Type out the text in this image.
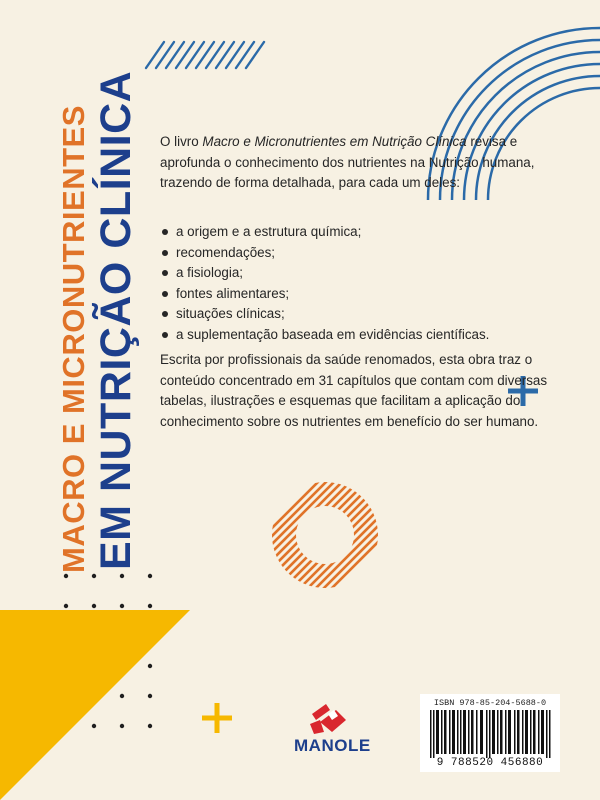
MACRO E MICRONUTRIENTES EM NUTRIÇÃO CLÍNICA O livro Macro e Micronutrientes em Nutrição Clínica revisa e aprofunda o conhecimento dos nutrientes na Nutrição humana, trazendo de forma detalhada, para cada um deles:
a origem e a estrutura química;
recomendações;
a fisiologia;
fontes alimentares;
situações clínicas;
a suplementação baseada em evidências científicas.
Escrita por profissionais da saúde renomados, esta obra traz o conteúdo concentrado em 31 capítulos que contam com diversas tabelas, ilustrações e esquemas que facilitam a aplicação do conhecimento sobre os nutrientes em benefício do ser humano.
MANOLE
ISBN 978-85-204-5688-0
9 788520 456880
